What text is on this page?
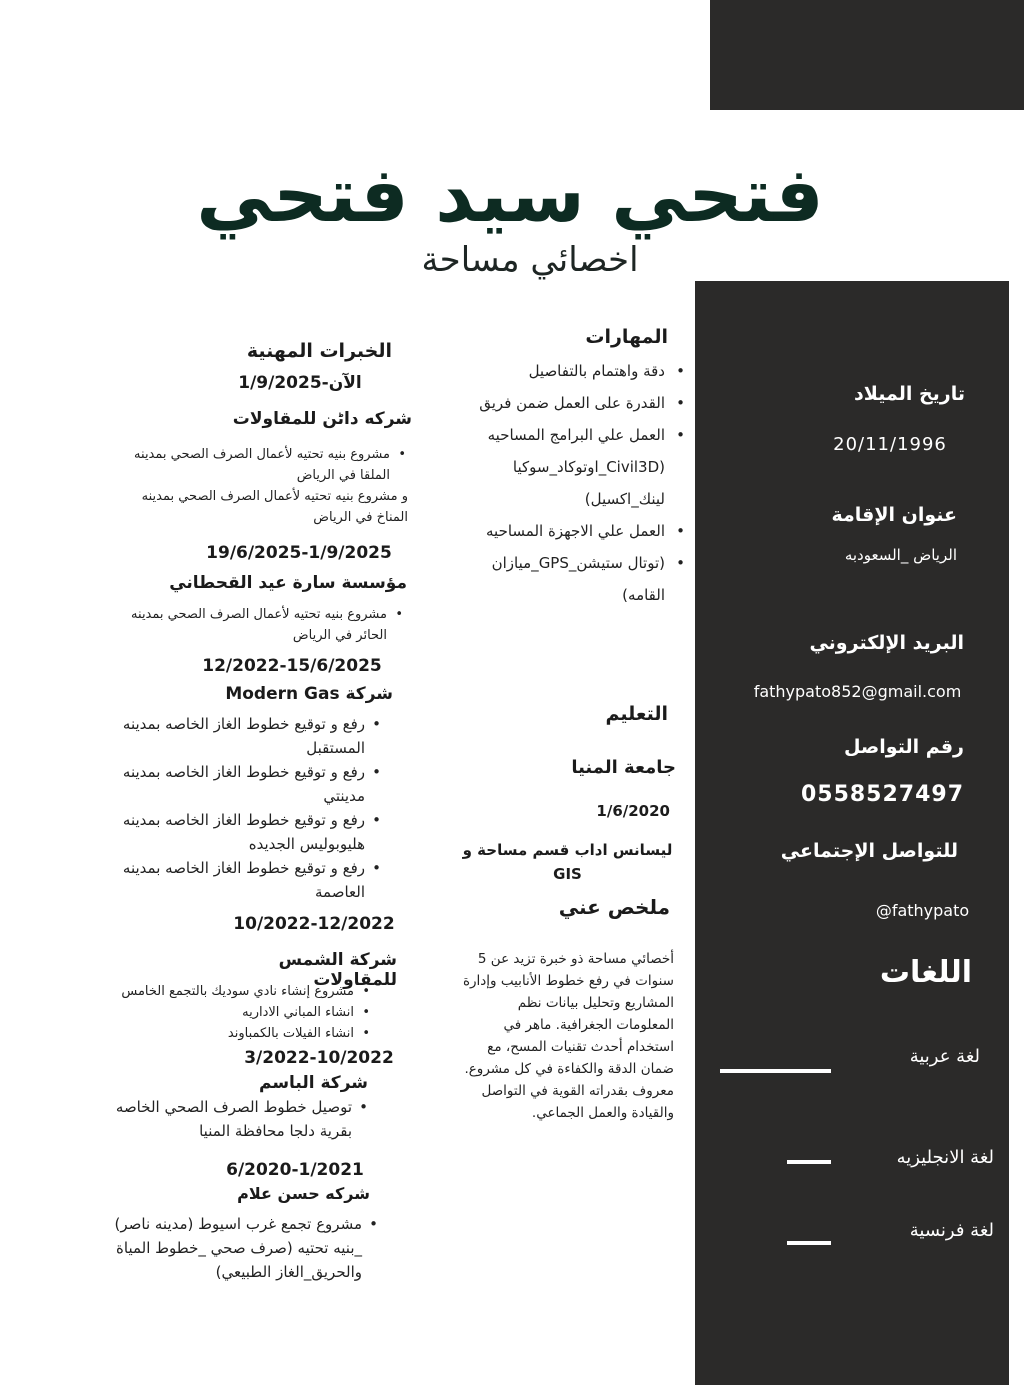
فتحي سيد فتحي
اخصائي مساحة
تاريخ الميلاد
20/11/1996
عنوان الإقامة
الرياض _السعودبه
البريد الإلكتروني
fathypato852@gmail.com
رقم التواصل
0558527497
للتواصل الإجتماعي
@fathypato
اللغات
لغة عربية
لغة الانجليزيه
لغة فرنسية
المهارات
دقة واهتمام بالتفاصيل •
القدرة على العمل ضمن فريق •
العمل علي البرامج المساحيه (Civil3D_اوتوكاد_سوكيا لينك_اكسيل) •
العمل علي الاجهزة المساحيه •
(توتال ستيشن_GPS_ميازان القامه) •
التعليم
جامعة المنيا
1/6/2020
ليسانس اداب قسم مساحة و GIS
ملخص عني
أخصائي مساحة ذو خبرة تزيد عن 5 سنوات في رفع خطوط الأنابيب وإدارة المشاريع وتحليل بيانات نظم المعلومات الجغرافية. ماهر في استخدام أحدث تقنيات المسح، مع ضمان الدقة والكفاءة في كل مشروع. معروف بقدراته القوية في التواصل والقيادة والعمل الجماعي.
الخبرات المهنية
الآن-1/9/2025
شركه داٹن للمقاولات
مشروع بنيه تحتيه لأعمال الصرف الصحي بمدينه الملقا في الرياض •
و مشروع بنيه تحتيه لأعمال الصرف الصحي بمدينه المناخ في الرياض
19/6/2025-1/9/2025
مؤسسة سارة عيد القحطاني
مشروع بنيه تحتيه لأعمال الصرف الصحي بمدينه الحائر في الرياض •
12/2022-15/6/2025
شركة Modern Gas
رفع و توقيع خطوط الغاز الخاصه بمدينه المستقبل •
رفع و توقيع خطوط الغاز الخاصه بمدينه مدينتي •
رفع و توقيع خطوط الغاز الخاصه بمدينه هليوبوليس الجديده •
رفع و توقيع خطوط الغاز الخاصه بمدينه العاصمة •
10/2022-12/2022
شركة الشمس للمقاولات
مشروع إنشاء نادي سوديك بالتجمع الخامس •
انشاء المباني الاداريه •
انشاء الفيلات بالكمباوند •
3/2022-10/2022
شركة الباسم
توصيل خطوط الصرف الصحي الخاصه بقرية دلجا محافظة المنيا •
6/2020-1/2021
شركه حسن علام
مشروع تجمع غرب اسيوط (مدينه ناصر) _بنيه تحتيه (صرف صحي _خطوط المياة والحريق_الغاز الطبيعي) •
